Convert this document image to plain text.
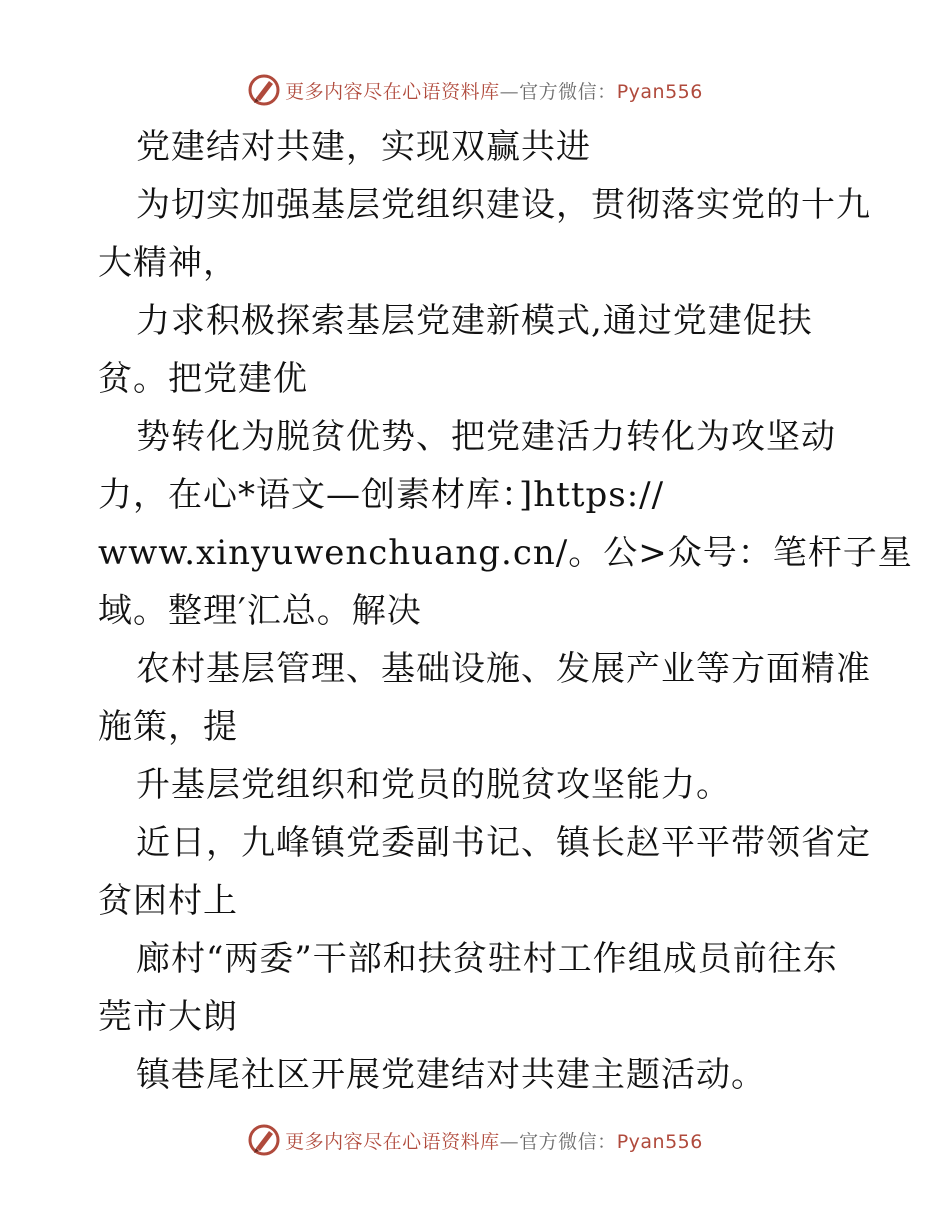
更多内容尽在心语资料库—官方微信：Pyan556
党建结对共建，实现双赢共进
为切实加强基层党组织建设，贯彻落实党的十九
大精神，
力求积极探索基层党建新模式,通过党建促扶
贫。把党建优
势转化为脱贫优势、把党建活力转化为攻坚动
力，在心*语文—创素材库：]https://
www.xinyuwenchuang.cn/。公>众号：笔杆子星
域。整理′汇总。解决
农村基层管理、基础设施、发展产业等方面精准
施策，提
升基层党组织和党员的脱贫攻坚能力。
近日，九峰镇党委副书记、镇长赵平平带领省定
贫困村上
廊村“两委”干部和扶贫驻村工作组成员前往东
莞市大朗
镇巷尾社区开展党建结对共建主题活动。
更多内容尽在心语资料库—官方微信：Pyan556
